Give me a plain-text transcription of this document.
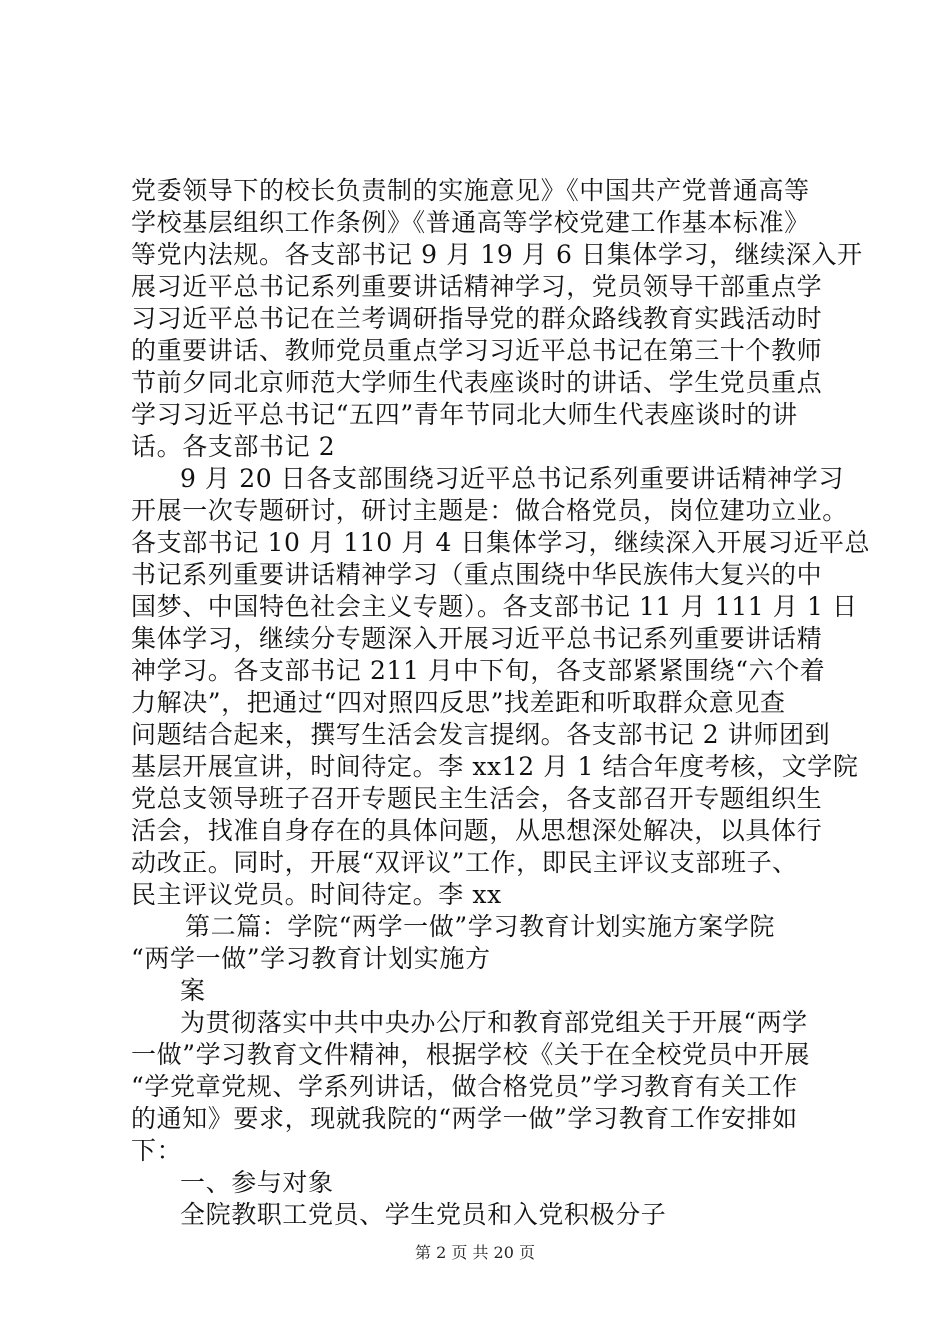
党委领导下的校长负责制的实施意见》《中国共产党普通高等
学校基层组织工作条例》《普通高等学校党建工作基本标准》
等党内法规。各支部书记 9 月 19 月 6 日集体学习，继续深入开
展习近平总书记系列重要讲话精神学习，党员领导干部重点学
习习近平总书记在兰考调研指导党的群众路线教育实践活动时
的重要讲话、教师党员重点学习习近平总书记在第三十个教师
节前夕同北京师范大学师生代表座谈时的讲话、学生党员重点
学习习近平总书记“五四”青年节同北大师生代表座谈时的讲
话。各支部书记 2
9 月 20 日各支部围绕习近平总书记系列重要讲话精神学习
开展一次专题研讨，研讨主题是：做合格党员，岗位建功立业。
各支部书记 10 月 110 月 4 日集体学习，继续深入开展习近平总
书记系列重要讲话精神学习（重点围绕中华民族伟大复兴的中
国梦、中国特色社会主义专题）。各支部书记 11 月 111 月 1 日
集体学习，继续分专题深入开展习近平总书记系列重要讲话精
神学习。各支部书记 211 月中下旬，各支部紧紧围绕“六个着
力解决”，把通过“四对照四反思”找差距和听取群众意见查
问题结合起来，撰写生活会发言提纲。各支部书记 2 讲师团到
基层开展宣讲，时间待定。李 xx12 月 1 结合年度考核，文学院
党总支领导班子召开专题民主生活会，各支部召开专题组织生
活会，找准自身存在的具体问题，从思想深处解决，以具体行
动改正。同时，开展“双评议”工作，即民主评议支部班子、
民主评议党员。时间待定。李 xx
第二篇：学院“两学一做”学习教育计划实施方案学院
“两学一做”学习教育计划实施方
案
为贯彻落实中共中央办公厅和教育部党组关于开展“两学
一做”学习教育文件精神，根据学校《关于在全校党员中开展
“学党章党规、学系列讲话，做合格党员”学习教育有关工作
的通知》要求，现就我院的“两学一做”学习教育工作安排如
下：
一、参与对象
全院教职工党员、学生党员和入党积极分子
第 2 页 共 20 页
